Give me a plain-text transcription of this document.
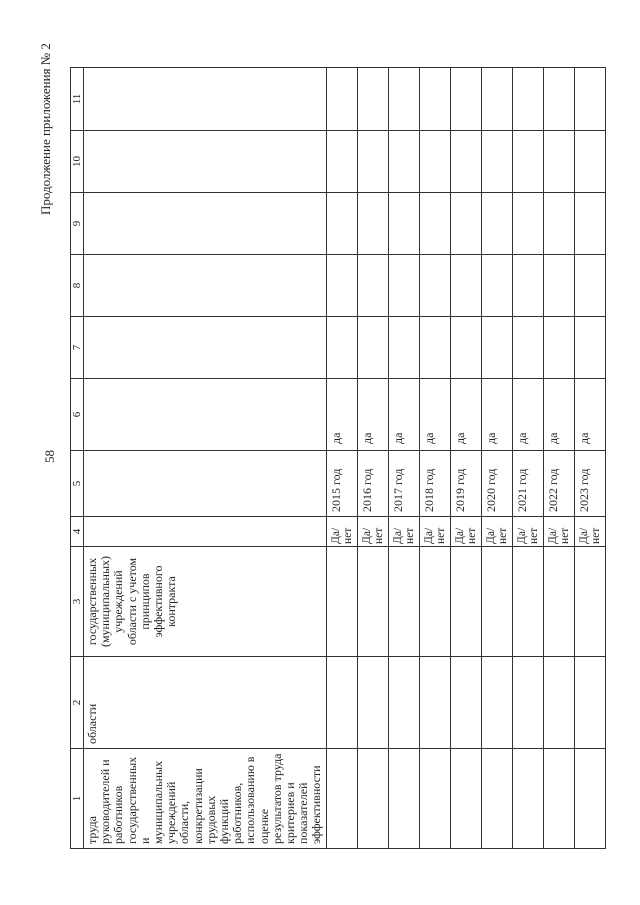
58
Продолжение приложения № 2
1	2	3	4	5	6	7	8	9	10	11
труда руководителей и работников государственных и муниципальных учреждений области, конкретизации трудовых функций работников, использованию в оценке результатов труда критериев и показателей эффективности	области	государственных (муниципальных) учреждений области с учетом принципов эффективного контракта								
			Да/ нет	2015 год	да					
			Да/ нет	2016 год	да					
			Да/ нет	2017 год	да					
			Да/ нет	2018 год	да					
			Да/ нет	2019 год	да					
			Да/ нет	2020 год	да					
			Да/ нет	2021 год	да					
			Да/ нет	2022 год	да					
			Да/ нет	2023 год	да					
